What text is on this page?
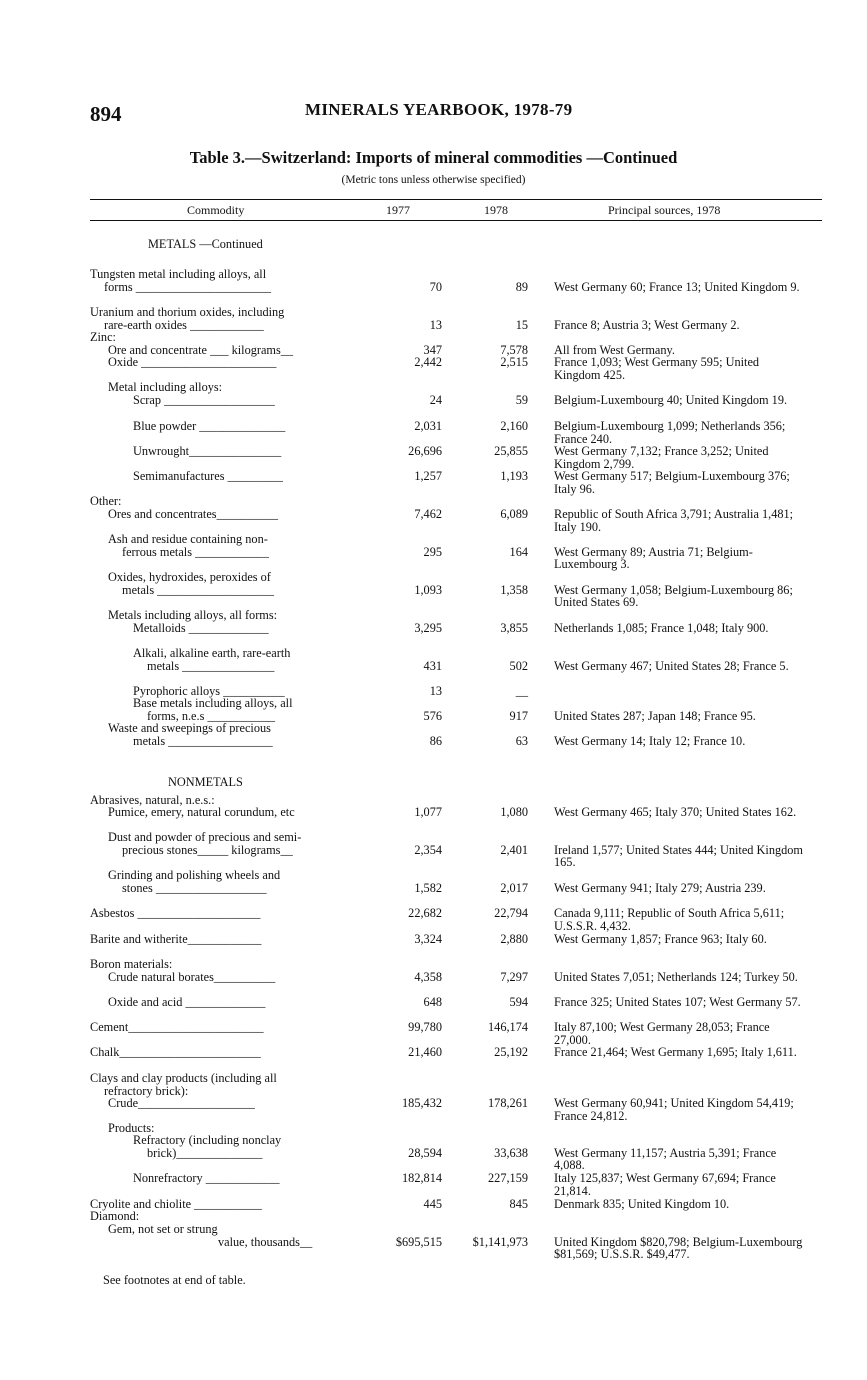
894	MINERALS YEARBOOK, 1978-79
Table 3.—Switzerland: Imports of mineral commodities —Continued
(Metric tons unless otherwise specified)
Commodity	1977	1978	Principal sources, 1978
METALS —Continued
Tungsten metal including alloys, all
forms ______________________	70	89 West Germany 60; France 13; United Kingdom 9.
Uranium and thorium oxides, including
rare-earth oxides ____________	13	15 France 8; Austria 3; West Germany 2.
Zinc:
Ore and concentrate ___ kilograms__	347	7,578 All from West Germany.
Oxide ______________________	2,442	2,515 France 1,093; West Germany 595; United Kingdom 425.
Metal including alloys:
Scrap __________________	24	59 Belgium-Luxembourg 40; United Kingdom 19.
Blue powder ______________	2,031	2,160 Belgium-Luxembourg 1,099; Netherlands 356; France 240.
Unwrought_______________	26,696	25,855 West Germany 7,132; France 3,252; United Kingdom 2,799.
Semimanufactures _________	1,257	1,193 West Germany 517; Belgium-Luxembourg 376; Italy 96.
Other:
Ores and concentrates__________	7,462	6,089 Republic of South Africa 3,791; Australia 1,481; Italy 190.
Ash and residue containing non-
ferrous metals ____________	295	164 West Germany 89; Austria 71; Belgium-Luxembourg 3.
Oxides, hydroxides, peroxides of
metals ___________________	1,093	1,358 West Germany 1,058; Belgium-Luxembourg 86; United States 69.
Metals including alloys, all forms:
Metalloids _____________	3,295	3,855 Netherlands 1,085; France 1,048; Italy 900.
Alkali, alkaline earth, rare-earth
metals _______________	431	502 West Germany 467; United States 28; France 5.
Pyrophoric alloys __________	13	__
Base metals including alloys, all
forms, n.e.s ___________	576	917 United States 287; Japan 148; France 95.
Waste and sweepings of precious
metals _________________	86	63 West Germany 14; Italy 12; France 10.
NONMETALS
Abrasives, natural, n.e.s.:
Pumice, emery, natural corundum, etc	1,077	1,080 West Germany 465; Italy 370; United States 162.
Dust and powder of precious and semi-
precious stones_____ kilograms__	2,354	2,401 Ireland 1,577; United States 444; United Kingdom 165.
Grinding and polishing wheels and
stones __________________	1,582	2,017 West Germany 941; Italy 279; Austria 239.
Asbestos ____________________	22,682	22,794 Canada 9,111; Republic of South Africa 5,611; U.S.S.R. 4,432.
Barite and witherite____________	3,324	2,880 West Germany 1,857; France 963; Italy 60.
Boron materials:
Crude natural borates__________	4,358	7,297 United States 7,051; Netherlands 124; Turkey 50.
Oxide and acid _____________	648	594 France 325; United States 107; West Germany 57.
Cement______________________	99,780	146,174 Italy 87,100; West Germany 28,053; France 27,000.
Chalk_______________________	21,460	25,192 France 21,464; West Germany 1,695; Italy 1,611.
Clays and clay products (including all
refractory brick):
Crude___________________	185,432	178,261 West Germany 60,941; United Kingdom 54,419; France 24,812.
Products:
Refractory (including nonclay
brick)______________	28,594	33,638 West Germany 11,157; Austria 5,391; France 4,088.
Nonrefractory ____________	182,814	227,159 Italy 125,837; West Germany 67,694; France 21,814.
Cryolite and chiolite ___________	445	845 Denmark 835; United Kingdom 10.
Diamond:
Gem, not set or strung
value, thousands__	$695,515	$1,141,973 United Kingdom $820,798; Belgium-Luxembourg $81,569; U.S.S.R. $49,477.
See footnotes at end of table.
